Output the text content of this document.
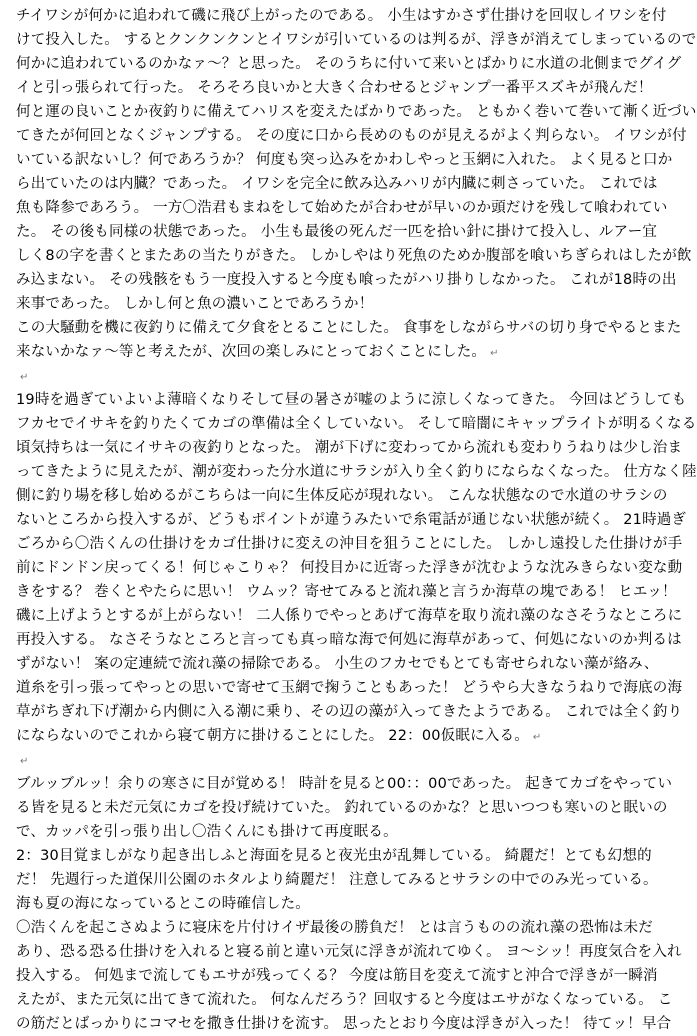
チイワシが何かに追われて磯に飛び上がったのである。 小生はすかさず仕掛けを回収しイワシを付
けて投入した。 するとクンクンクンとイワシが引いているのは判るが、浮きが消えてしまっているので
何かに追われているのかなァ～？と思った。 そのうちに付いて来いとばかりに水道の北側までグイグ
イと引っ張られて行った。 そろそろ良いかと大きく合わせるとジャンプ一番平スズキが飛んだ！
何と運の良いことか夜釣りに備えてハリスを変えたばかりであった。 ともかく巻いて巻いて漸く近づい
てきたが何回となくジャンプする。 その度に口から長めのものが見えるがよく判らない。 イワシが付
いている訳ないし？何であろうか？ 何度も突っ込みをかわしやっと玉網に入れた。 よく見ると口か
ら出ていたのは内臓？であった。 イワシを完全に飲み込みハリが内臓に刺さっていた。 これでは
魚も降参であろう。 一方〇浩君もまねをして始めたが合わせが早いのか頭だけを残して喰われてい
た。 その後も同様の状態であった。 小生も最後の死んだ一匹を拾い針に掛けて投入し、ルアー宜
しく8の字を書くとまたあの当たりがきた。 しかしやはり死魚のためか腹部を喰いちぎられはしたが飲
み込まない。 その残骸をもう一度投入すると今度も喰ったがハリ掛りしなかった。 これが18時の出
来事であった。 しかし何と魚の濃いことであろうか！
この大騒動を機に夜釣りに備えて夕食をとることにした。 食事をしながらサバの切り身でやるとまた
来ないかなァ～等と考えたが、次回の楽しみにとっておくことにした。 ↵
↵
19時を過ぎていよいよ薄暗くなりそして昼の暑さが嘘のように涼しくなってきた。 今回はどうしても
フカセでイサキを釣りたくてカゴの準備は全くしていない。 そして暗闇にキャップライトが明るくなる
頃気持ちは一気にイサキの夜釣りとなった。 潮が下げに変わってから流れも変わりうねりは少し治ま
ってきたように見えたが、潮が変わった分水道にサラシが入り全く釣りにならなくなった。 仕方なく陸
側に釣り場を移し始めるがこちらは一向に生体反応が現れない。 こんな状態なので水道のサラシの
ないところから投入するが、どうもポイントが違うみたいで糸電話が通じない状態が続く。 21時過ぎ
ごろから〇浩くんの仕掛けをカゴ仕掛けに変えの沖目を狙うことにした。 しかし遠投した仕掛けが手
前にドンドン戻ってくる！何じゃこりゃ？ 何投目かに近寄った浮きが沈むような沈みきらない変な動
きをする？ 巻くとやたらに思い！ ウムッ？寄せてみると流れ藻と言うか海草の塊である！ ヒエッ！
磯に上げようとするが上がらない！ 二人係りでやっとあげて海草を取り流れ藻のなさそうなところに
再投入する。 なさそうなところと言っても真っ暗な海で何処に海草があって、何処にないのか判るは
ずがない！ 案の定連続で流れ藻の掃除である。 小生のフカセでもとても寄せられない藻が絡み、
道糸を引っ張ってやっとの思いで寄せて玉網で掬うこともあった！ どうやら大きなうねりで海底の海
草がちぎれ下げ潮から内側に入る潮に乗り、その辺の藻が入ってきたようである。 これでは全く釣り
にならないのでこれから寝て朝方に掛けることにした。 22：00仮眠に入る。 ↵
↵
ブルッブルッ！余りの寒さに目が覚める！ 時計を見ると00：：00であった。 起きてカゴをやってい
る皆を見ると未だ元気にカゴを投げ続けていた。 釣れているのかな？と思いつつも寒いのと眠いの
で、カッパを引っ張り出し〇浩くんにも掛けて再度眠る。
2：30目覚ましがなり起き出しふと海面を見ると夜光虫が乱舞している。 綺麗だ！とても幻想的
だ！ 先週行った道保川公園のホタルより綺麗だ！ 注意してみるとサラシの中でのみ光っている。
海も夏の海になっているとこの時確信した。
〇浩くんを起こさぬように寝床を片付けイザ最後の勝負だ！ とは言うものの流れ藻の恐怖は未だ
あり、恐る恐る仕掛けを入れると寝る前と違い元気に浮きが流れてゆく。 ヨ～シッ！再度気合を入れ
投入する。 何処まで流してもエサが残ってくる？ 今度は筋目を変えて流すと沖合で浮きが一瞬消
えたが、また元気に出てきて流れた。 何なんだろう？回収すると今度はエサがなくなっている。 こ
の筋だとばっかりにコマセを撒き仕掛けを流す。 思ったとおり今度は浮きが入った！ 待てッ！早合
